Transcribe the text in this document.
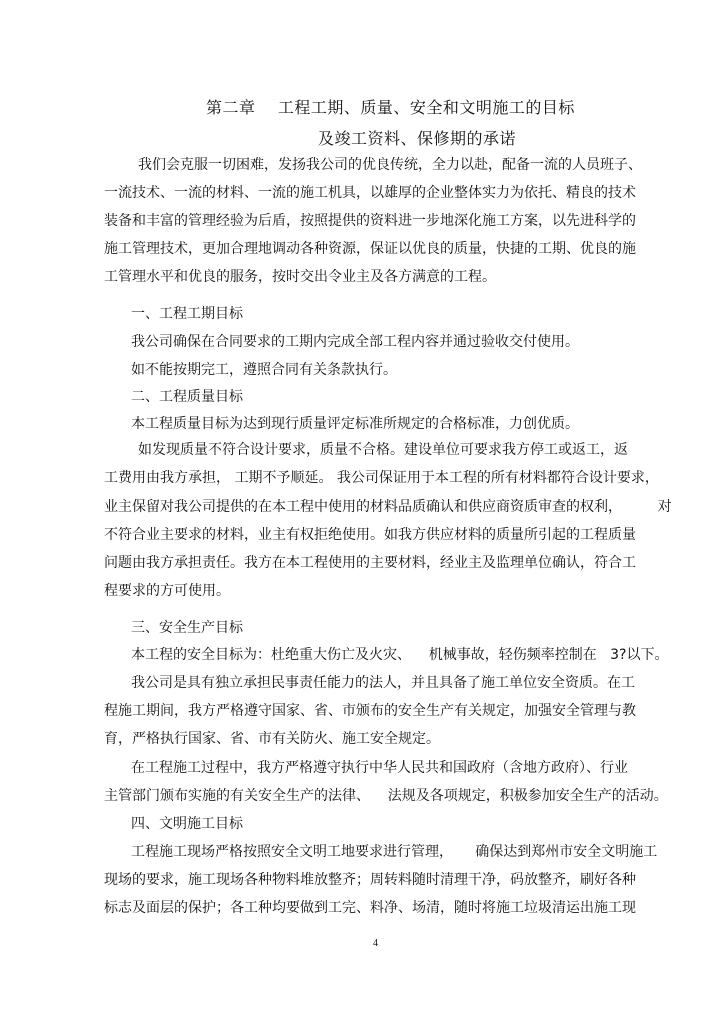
第二章    工程工期、质量、安全和文明施工的目标
及竣工资料、保修期的承诺
我们会克服一切困难，发扬我公司的优良传统，全力以赴，配备一流的人员班子、
一流技术、一流的材料、一流的施工机具，以雄厚的企业整体实力为依托、精良的技术
装备和丰富的管理经验为后盾，按照提供的资料进一步地深化施工方案，以先进科学的
施工管理技术，更加合理地调动各种资源，保证以优良的质量，快捷的工期、优良的施
工管理水平和优良的服务，按时交出令业主及各方满意的工程。
一、工程工期目标
我公司确保在合同要求的工期内完成全部工程内容并通过验收交付使用。
如不能按期完工，遵照合同有关条款执行。
二、工程质量目标
本工程质量目标为达到现行质量评定标准所规定的合格标准，力创优质。
如发现质量不符合设计要求，质量不合格。建设单位可要求我方停工或返工，返
工费用由我方承担， 工期不予顺延。 我公司保证用于本工程的所有材料都符合设计要求，
业主保留对我公司提供的在本工程中使用的材料品质确认和供应商资质审查的权利，        对
不符合业主要求的材料，业主有权拒绝使用。如我方供应材料的质量所引起的工程质量
问题由我方承担责任。我方在本工程使用的主要材料，经业主及监理单位确认，符合工
程要求的方可使用。
三、安全生产目标
本工程的安全目标为：杜绝重大伤亡及火灾、    机械事故，轻伤频率控制在   3?以下。
我公司是具有独立承担民事责任能力的法人，并且具备了施工单位安全资质。在工
程施工期间，我方严格遵守国家、省、市颁布的安全生产有关规定，加强安全管理与教
育，严格执行国家、省、市有关防火、施工安全规定。
在工程施工过程中，我方严格遵守执行中华人民共和国政府（含地方政府）、行业
主管部门颁布实施的有关安全生产的法律、    法规及各项规定，积极参加安全生产的活动。
四、文明施工目标
工程施工现场严格按照安全文明工地要求进行管理，     确保达到郑州市安全文明施工
现场的要求，施工现场各种物料堆放整齐；周转料随时清理干净，码放整齐，刷好各种
标志及面层的保护；各工种均要做到工完、料净、场清，随时将施工垃圾清运出施工现
4
